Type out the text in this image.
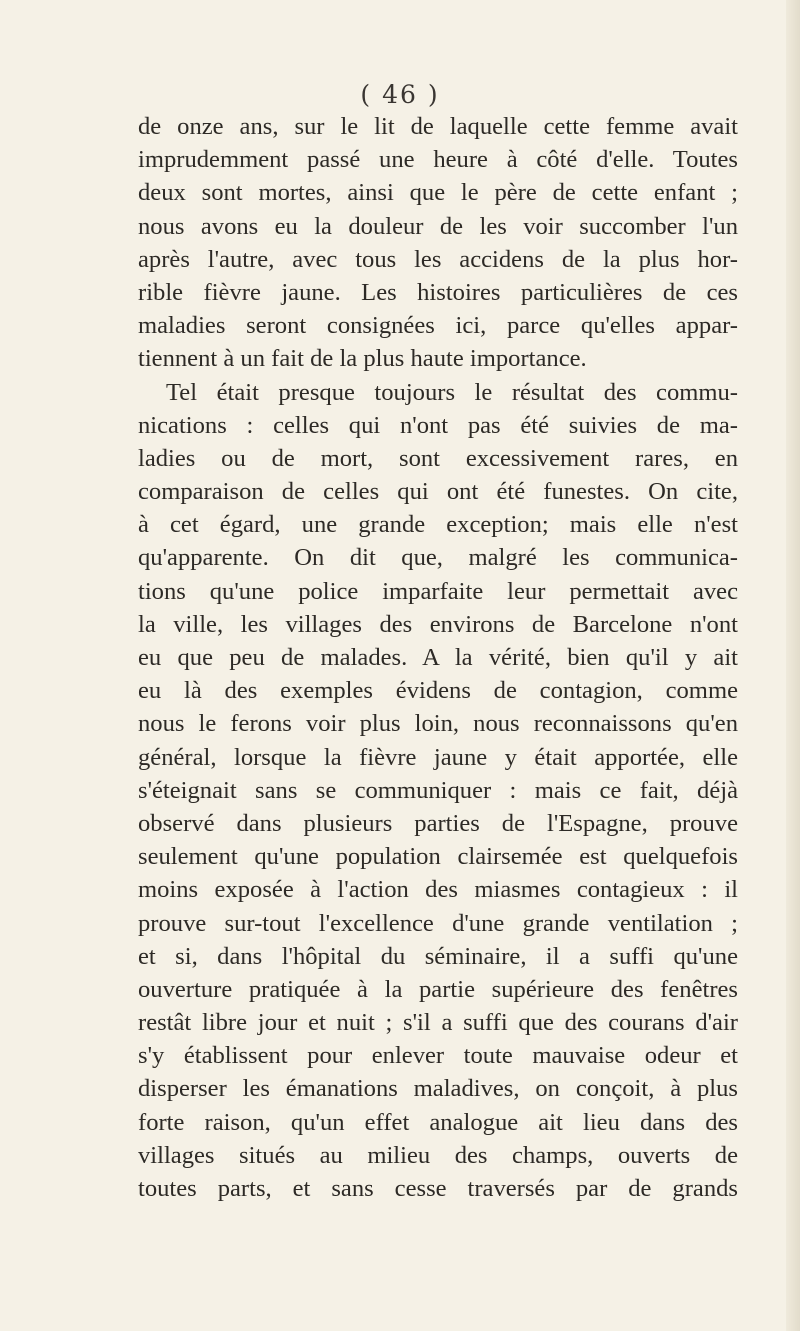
( 46 )
de onze ans, sur le lit de laquelle cette femme avait
imprudemment passé une heure à côté d'elle. Toutes
deux sont mortes, ainsi que le père de cette enfant ;
nous avons eu la douleur de les voir succomber l'un
après l'autre, avec tous les accidens de la plus hor-
rible fièvre jaune. Les histoires particulières de ces
maladies seront consignées ici, parce qu'elles appar-
tiennent à un fait de la plus haute importance.
Tel était presque toujours le résultat des commu-
nications : celles qui n'ont pas été suivies de ma-
ladies ou de mort, sont excessivement rares, en
comparaison de celles qui ont été funestes. On cite,
à cet égard, une grande exception; mais elle n'est
qu'apparente. On dit que, malgré les communica-
tions qu'une police imparfaite leur permettait avec
la ville, les villages des environs de Barcelone n'ont
eu que peu de malades. A la vérité, bien qu'il y ait
eu là des exemples évidens de contagion, comme
nous le ferons voir plus loin, nous reconnaissons qu'en
général, lorsque la fièvre jaune y était apportée, elle
s'éteignait sans se communiquer : mais ce fait, déjà
observé dans plusieurs parties de l'Espagne, prouve
seulement qu'une population clairsemée est quelquefois
moins exposée à l'action des miasmes contagieux : il
prouve sur-tout l'excellence d'une grande ventilation ;
et si, dans l'hôpital du séminaire, il a suffi qu'une
ouverture pratiquée à la partie supérieure des fenêtres
restât libre jour et nuit ; s'il a suffi que des courans d'air
s'y établissent pour enlever toute mauvaise odeur et
disperser les émanations maladives, on conçoit, à plus
forte raison, qu'un effet analogue ait lieu dans des
villages situés au milieu des champs, ouverts de
toutes parts, et sans cesse traversés par de grands
